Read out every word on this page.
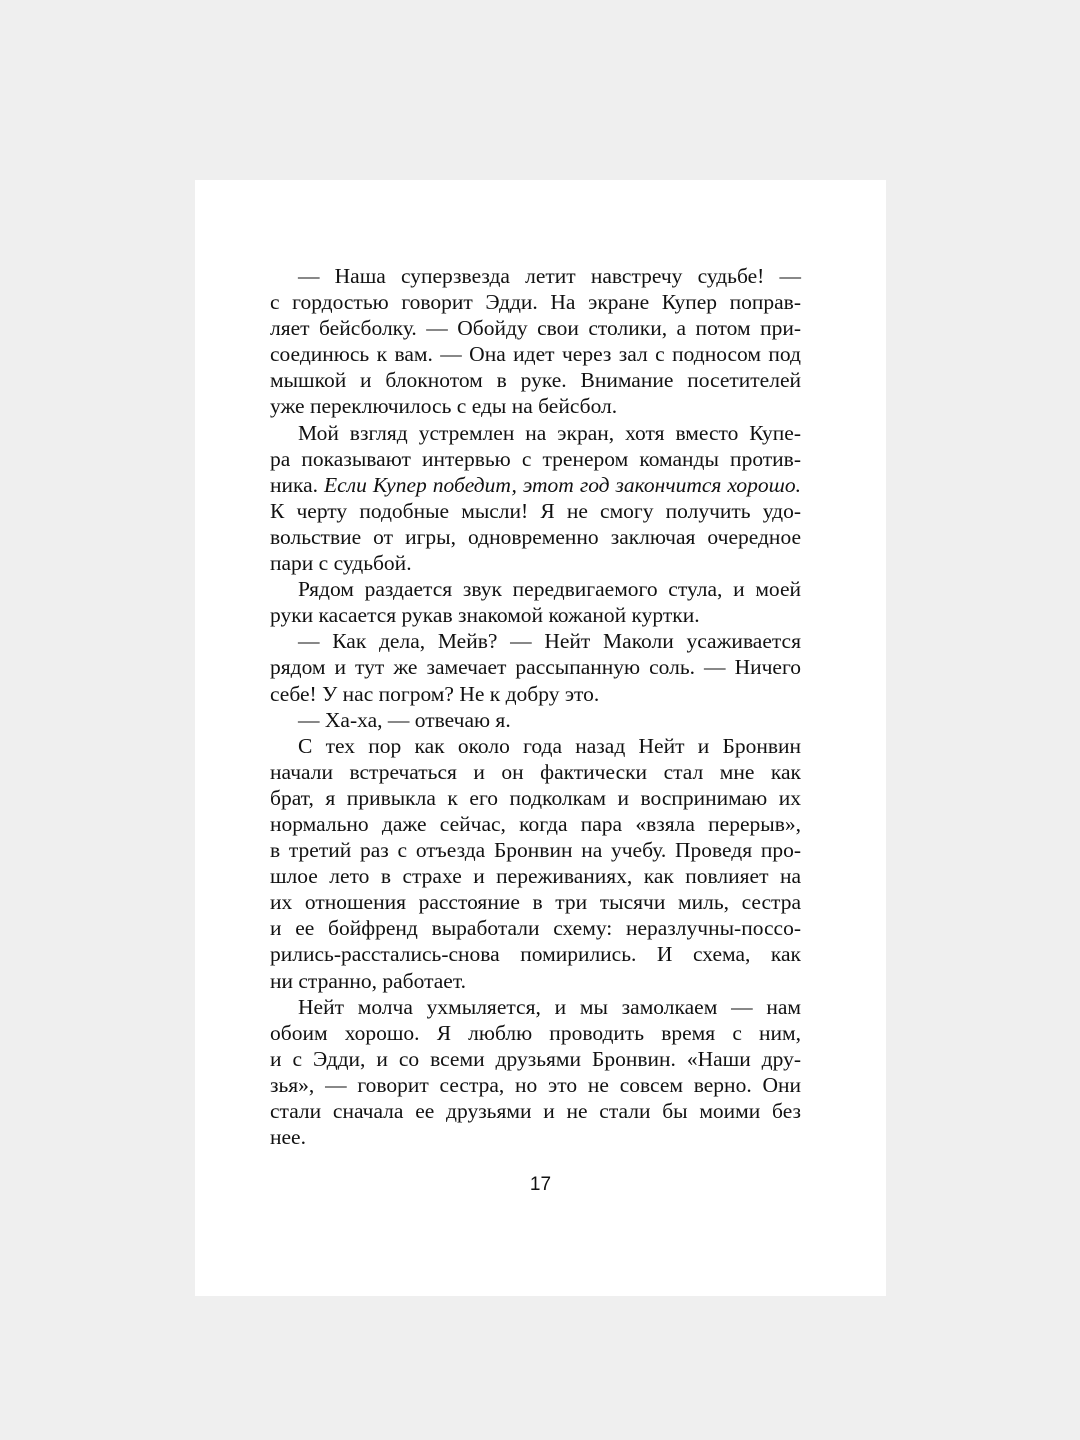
— Наша суперзвезда летит навстречу судьбе! —
с гордостью говорит Эдди. На экране Купер поправ-
ляет бейсболку. — Обойду свои столики, а потом при-
соединюсь к вам. — Она идет через зал с подносом под
мышкой и блокнотом в руке. Внимание посетителей
уже переключилось с еды на бейсбол.

Мой взгляд устремлен на экран, хотя вместо Купе-
ра показывают интервью с тренером команды против-
ника. Если Купер победит, этот год закончится хорошо.
К черту подобные мысли! Я не смогу получить удо-
вольствие от игры, одновременно заключая очередное
пари с судьбой.

Рядом раздается звук передвигаемого стула, и моей
руки касается рукав знакомой кожаной куртки.

— Как дела, Мейв? — Нейт Маколи усаживается
рядом и тут же замечает рассыпанную соль. — Ничего
себе! У нас погром? Не к добру это.

— Ха-ха, — отвечаю я.

С тех пор как около года назад Нейт и Бронвин
начали встречаться и он фактически стал мне как
брат, я привыкла к его подколкам и воспринимаю их
нормально даже сейчас, когда пара «взяла перерыв»,
в третий раз с отъезда Бронвин на учебу. Проведя про-
шлое лето в страхе и переживаниях, как повлияет на
их отношения расстояние в три тысячи миль, сестра
и ее бойфренд выработали схему: неразлучны-поссо-
рились-расстались-снова помирились. И схема, как
ни странно, работает.

Нейт молча ухмыляется, и мы замолкаем — нам
обоим хорошо. Я люблю проводить время с ним,
и с Эдди, и со всеми друзьями Бронвин. «Наши дру-
зья», — говорит сестра, но это не совсем верно. Они
стали сначала ее друзьями и не стали бы моими без
нее.

17
